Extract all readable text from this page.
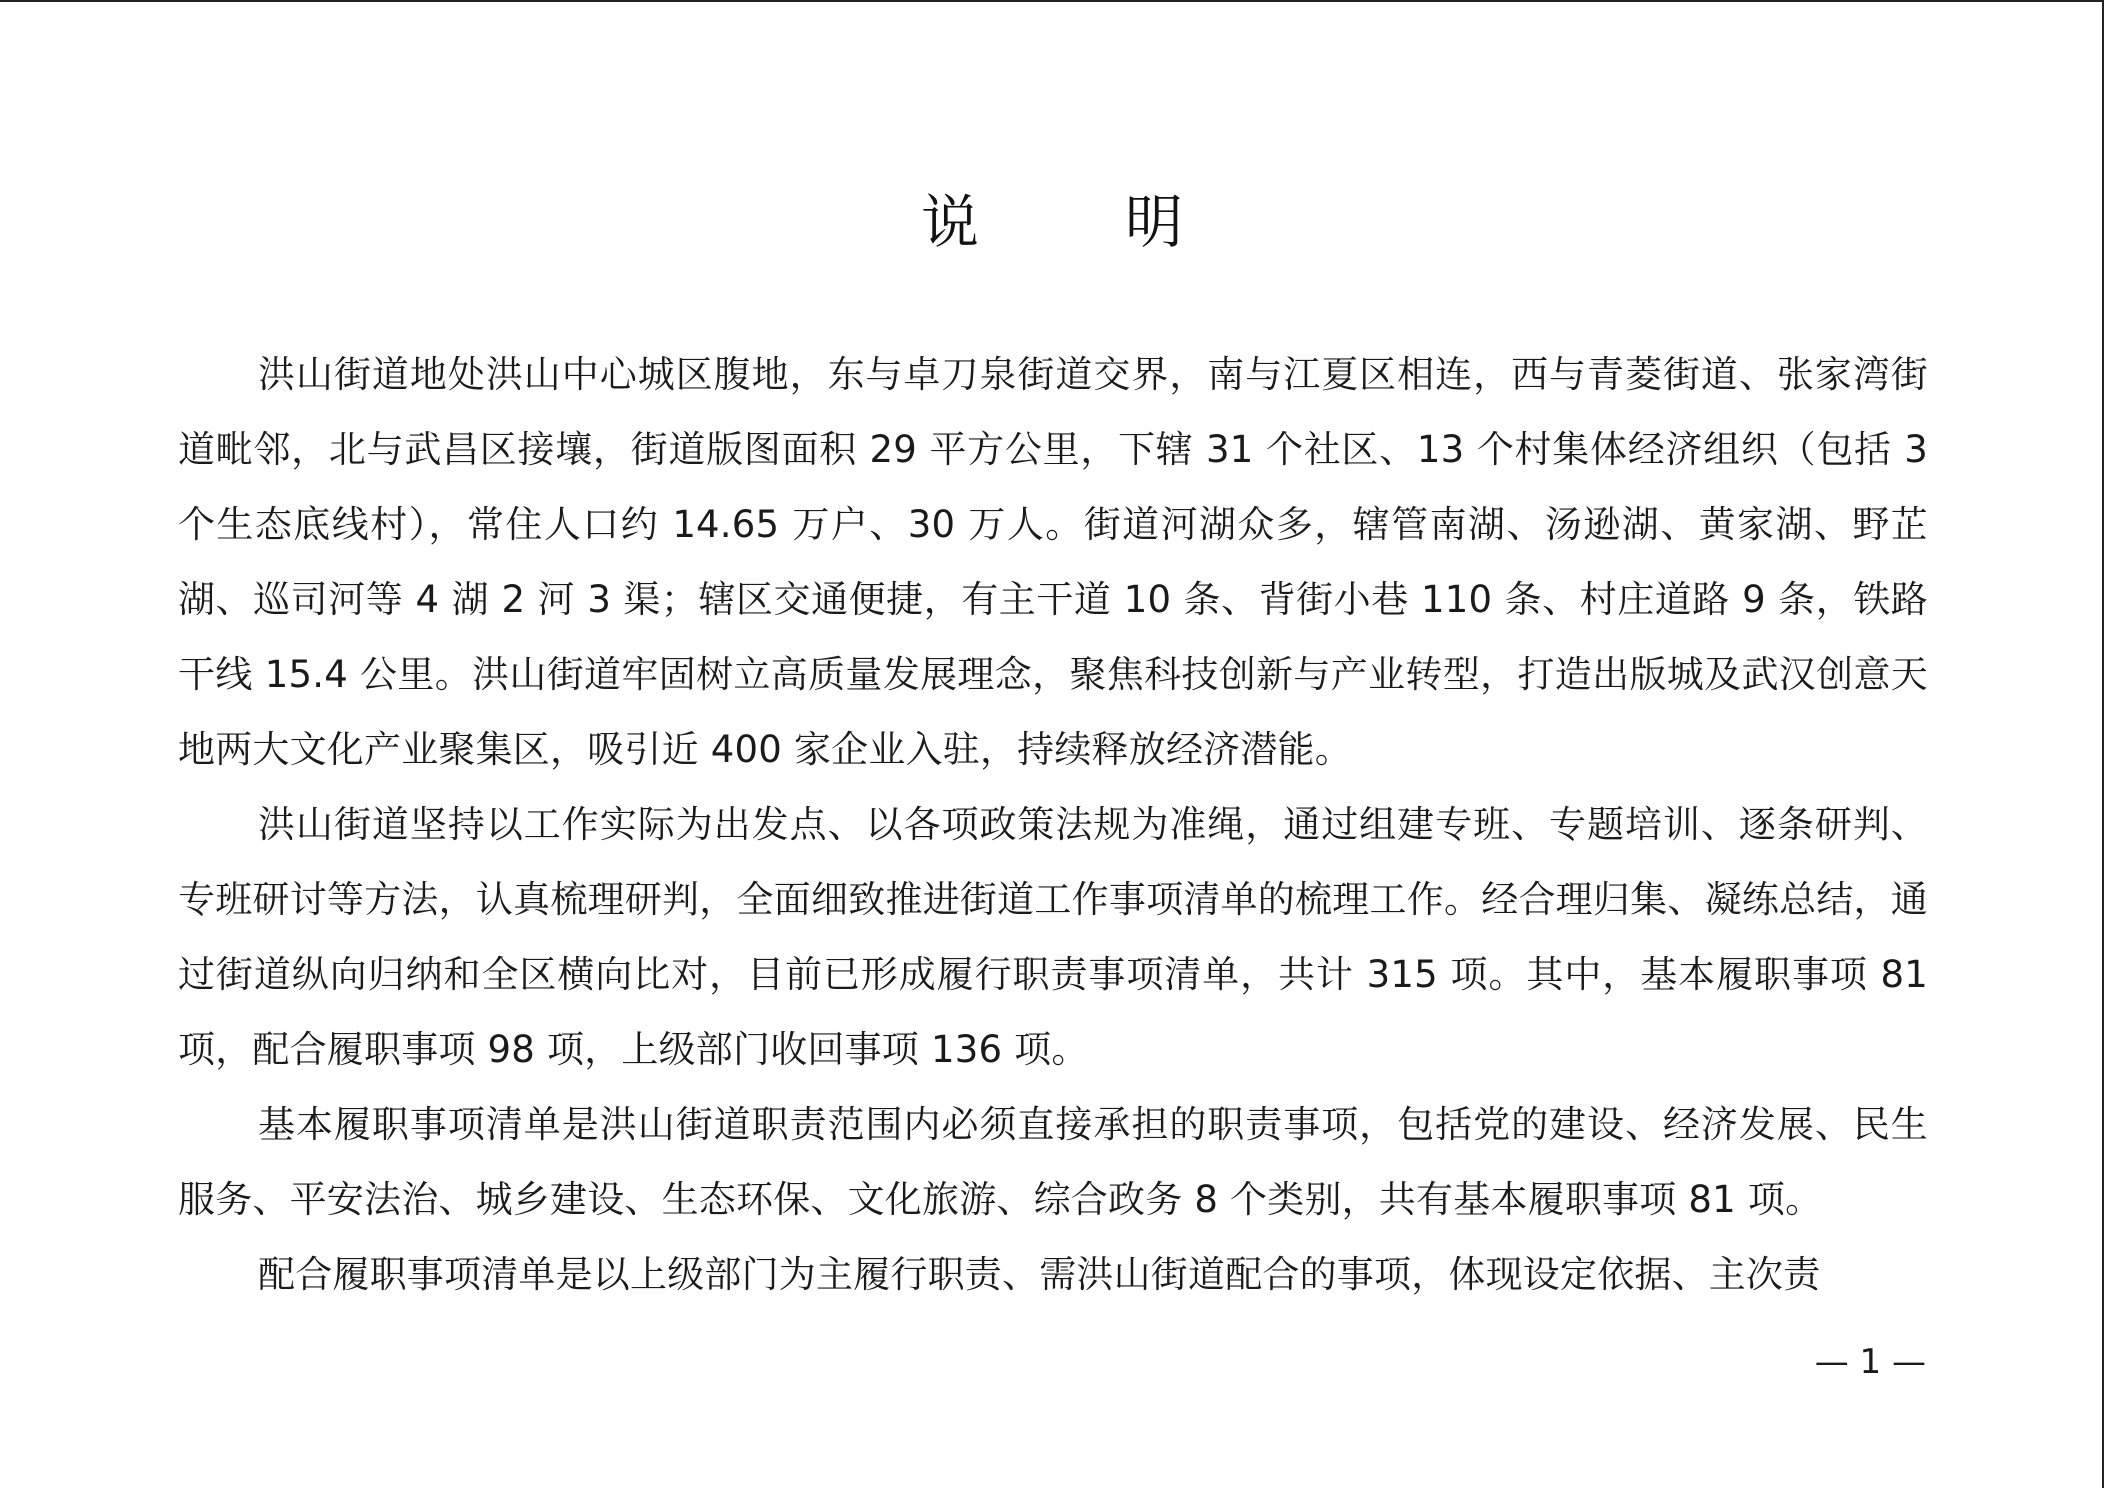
说　明

洪山街道地处洪山中心城区腹地，东与卓刀泉街道交界，南与江夏区相连，西与青菱街道、张家湾街道毗邻，北与武昌区接壤，街道版图面积 29 平方公里，下辖 31 个社区、13 个村集体经济组织（包括 3 个生态底线村），常住人口约 14.65 万户、30 万人。街道河湖众多，辖管南湖、汤逊湖、黄家湖、野芷湖、巡司河等 4 湖 2 河 3 渠；辖区交通便捷，有主干道 10 条、背街小巷 110 条、村庄道路 9 条，铁路干线 15.4 公里。洪山街道牢固树立高质量发展理念，聚焦科技创新与产业转型，打造出版城及武汉创意天地两大文化产业聚集区，吸引近 400 家企业入驻，持续释放经济潜能。

洪山街道坚持以工作实际为出发点、以各项政策法规为准绳，通过组建专班、专题培训、逐条研判、专班研讨等方法，认真梳理研判，全面细致推进街道工作事项清单的梳理工作。经合理归集、凝练总结，通过街道纵向归纳和全区横向比对，目前已形成履行职责事项清单，共计 315 项。其中，基本履职事项 81 项，配合履职事项 98 项，上级部门收回事项 136 项。

基本履职事项清单是洪山街道职责范围内必须直接承担的职责事项，包括党的建设、经济发展、民生服务、平安法治、城乡建设、生态环保、文化旅游、综合政务 8 个类别，共有基本履职事项 81 项。

配合履职事项清单是以上级部门为主履行职责、需洪山街道配合的事项，体现设定依据、主次责

— 1 —
